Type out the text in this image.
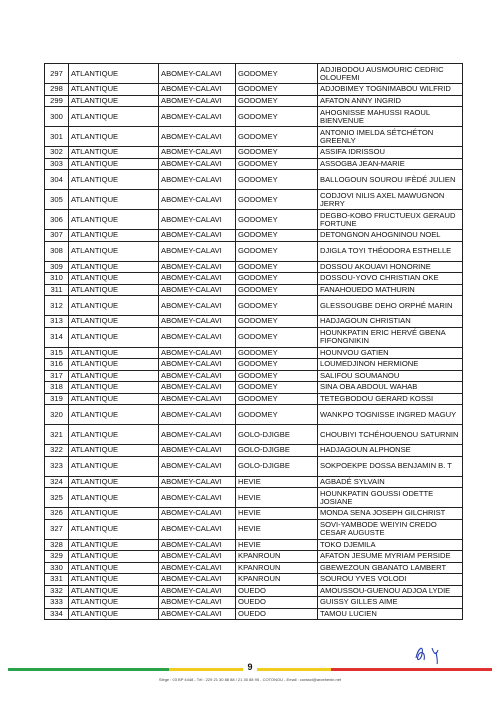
297	ATLANTIQUE	ABOMEY-CALAVI	GODOMEY	ADJIBODOU AUSMOURIC CEDRIC OLOUFEMI
298	ATLANTIQUE	ABOMEY-CALAVI	GODOMEY	ADJOBIMEY TOGNIMABOU WILFRID
299	ATLANTIQUE	ABOMEY-CALAVI	GODOMEY	AFATON ANNY INGRID
300	ATLANTIQUE	ABOMEY-CALAVI	GODOMEY	AHOGNISSE MAHUSSI RAOUL BIENVENUE
301	ATLANTIQUE	ABOMEY-CALAVI	GODOMEY	ANTONIO IMELDA SÉTCHÉTON GREENLY
302	ATLANTIQUE	ABOMEY-CALAVI	GODOMEY	ASSIFA IDRISSOU
303	ATLANTIQUE	ABOMEY-CALAVI	GODOMEY	ASSOGBA JEAN-MARIE
304	ATLANTIQUE	ABOMEY-CALAVI	GODOMEY	BALLOGOUN SOUROU IFÈDÉ JULIEN
305	ATLANTIQUE	ABOMEY-CALAVI	GODOMEY	CODJOVI NILIS AXEL MAWUGNON JERRY
306	ATLANTIQUE	ABOMEY-CALAVI	GODOMEY	DEGBO-KOBO FRUCTUEUX GERAUD FORTUNE
307	ATLANTIQUE	ABOMEY-CALAVI	GODOMEY	DETONGNON AHOGNINOU NOEL
308	ATLANTIQUE	ABOMEY-CALAVI	GODOMEY	DJIGLA TOYI THÉODORA ESTHELLE
309	ATLANTIQUE	ABOMEY-CALAVI	GODOMEY	DOSSOU AKOUAVI HONORINE
310	ATLANTIQUE	ABOMEY-CALAVI	GODOMEY	DOSSOU-YOVO CHRISTIAN OKE
311	ATLANTIQUE	ABOMEY-CALAVI	GODOMEY	FANAHOUEDO MATHURIN
312	ATLANTIQUE	ABOMEY-CALAVI	GODOMEY	GLESSOUGBE DEHO ORPHÉ MARIN
313	ATLANTIQUE	ABOMEY-CALAVI	GODOMEY	HADJAGOUN CHRISTIAN
314	ATLANTIQUE	ABOMEY-CALAVI	GODOMEY	HOUNKPATIN ERIC HERVÉ GBENA FIFONGNIKIN
315	ATLANTIQUE	ABOMEY-CALAVI	GODOMEY	HOUNVOU GATIEN
316	ATLANTIQUE	ABOMEY-CALAVI	GODOMEY	LOUMEDJINON HERMIONE
317	ATLANTIQUE	ABOMEY-CALAVI	GODOMEY	SALIFOU SOUMANOU
318	ATLANTIQUE	ABOMEY-CALAVI	GODOMEY	SINA OBA ABDOUL WAHAB
319	ATLANTIQUE	ABOMEY-CALAVI	GODOMEY	TETEGBODOU GERARD KOSSI
320	ATLANTIQUE	ABOMEY-CALAVI	GODOMEY	WANKPO TOGNISSE INGRED MAGUY
321	ATLANTIQUE	ABOMEY-CALAVI	GOLO-DJIGBE	CHOUBIYI TCHÉHOUENOU SATURNIN
322	ATLANTIQUE	ABOMEY-CALAVI	GOLO-DJIGBE	HADJAGOUN ALPHONSE
323	ATLANTIQUE	ABOMEY-CALAVI	GOLO-DJIGBE	SOKPOEKPE DOSSA BENJAMIN B. T
324	ATLANTIQUE	ABOMEY-CALAVI	HEVIE	AGBADÉ SYLVAIN
325	ATLANTIQUE	ABOMEY-CALAVI	HEVIE	HOUNKPATIN GOUSSI ODETTE JOSIANE
326	ATLANTIQUE	ABOMEY-CALAVI	HEVIE	MONDA SENA JOSEPH GILCHRIST
327	ATLANTIQUE	ABOMEY-CALAVI	HEVIE	SOVI-YAMBODE WEIYIN CREDO CESAR AUGUSTE
328	ATLANTIQUE	ABOMEY-CALAVI	HEVIE	TOKO DJEMILA
329	ATLANTIQUE	ABOMEY-CALAVI	KPANROUN	AFATON JESUME MYRIAM PERSIDE
330	ATLANTIQUE	ABOMEY-CALAVI	KPANROUN	GBEWEZOUN GBANATO LAMBERT
331	ATLANTIQUE	ABOMEY-CALAVI	KPANROUN	SOUROU YVES VOLODI
332	ATLANTIQUE	ABOMEY-CALAVI	OUEDO	AMOUSSOU-GUENOU ADJOA LYDIE
333	ATLANTIQUE	ABOMEY-CALAVI	OUEDO	GUISSY GILLES AIME
334	ATLANTIQUE	ABOMEY-CALAVI	OUEDO	TAMOU LUCIEN
9
Siège : 03 BP 4448 - Tél : 229 21 30 88 88 / 21 30 88 95 - COTONOU - Email : contact@arcebenin.net
